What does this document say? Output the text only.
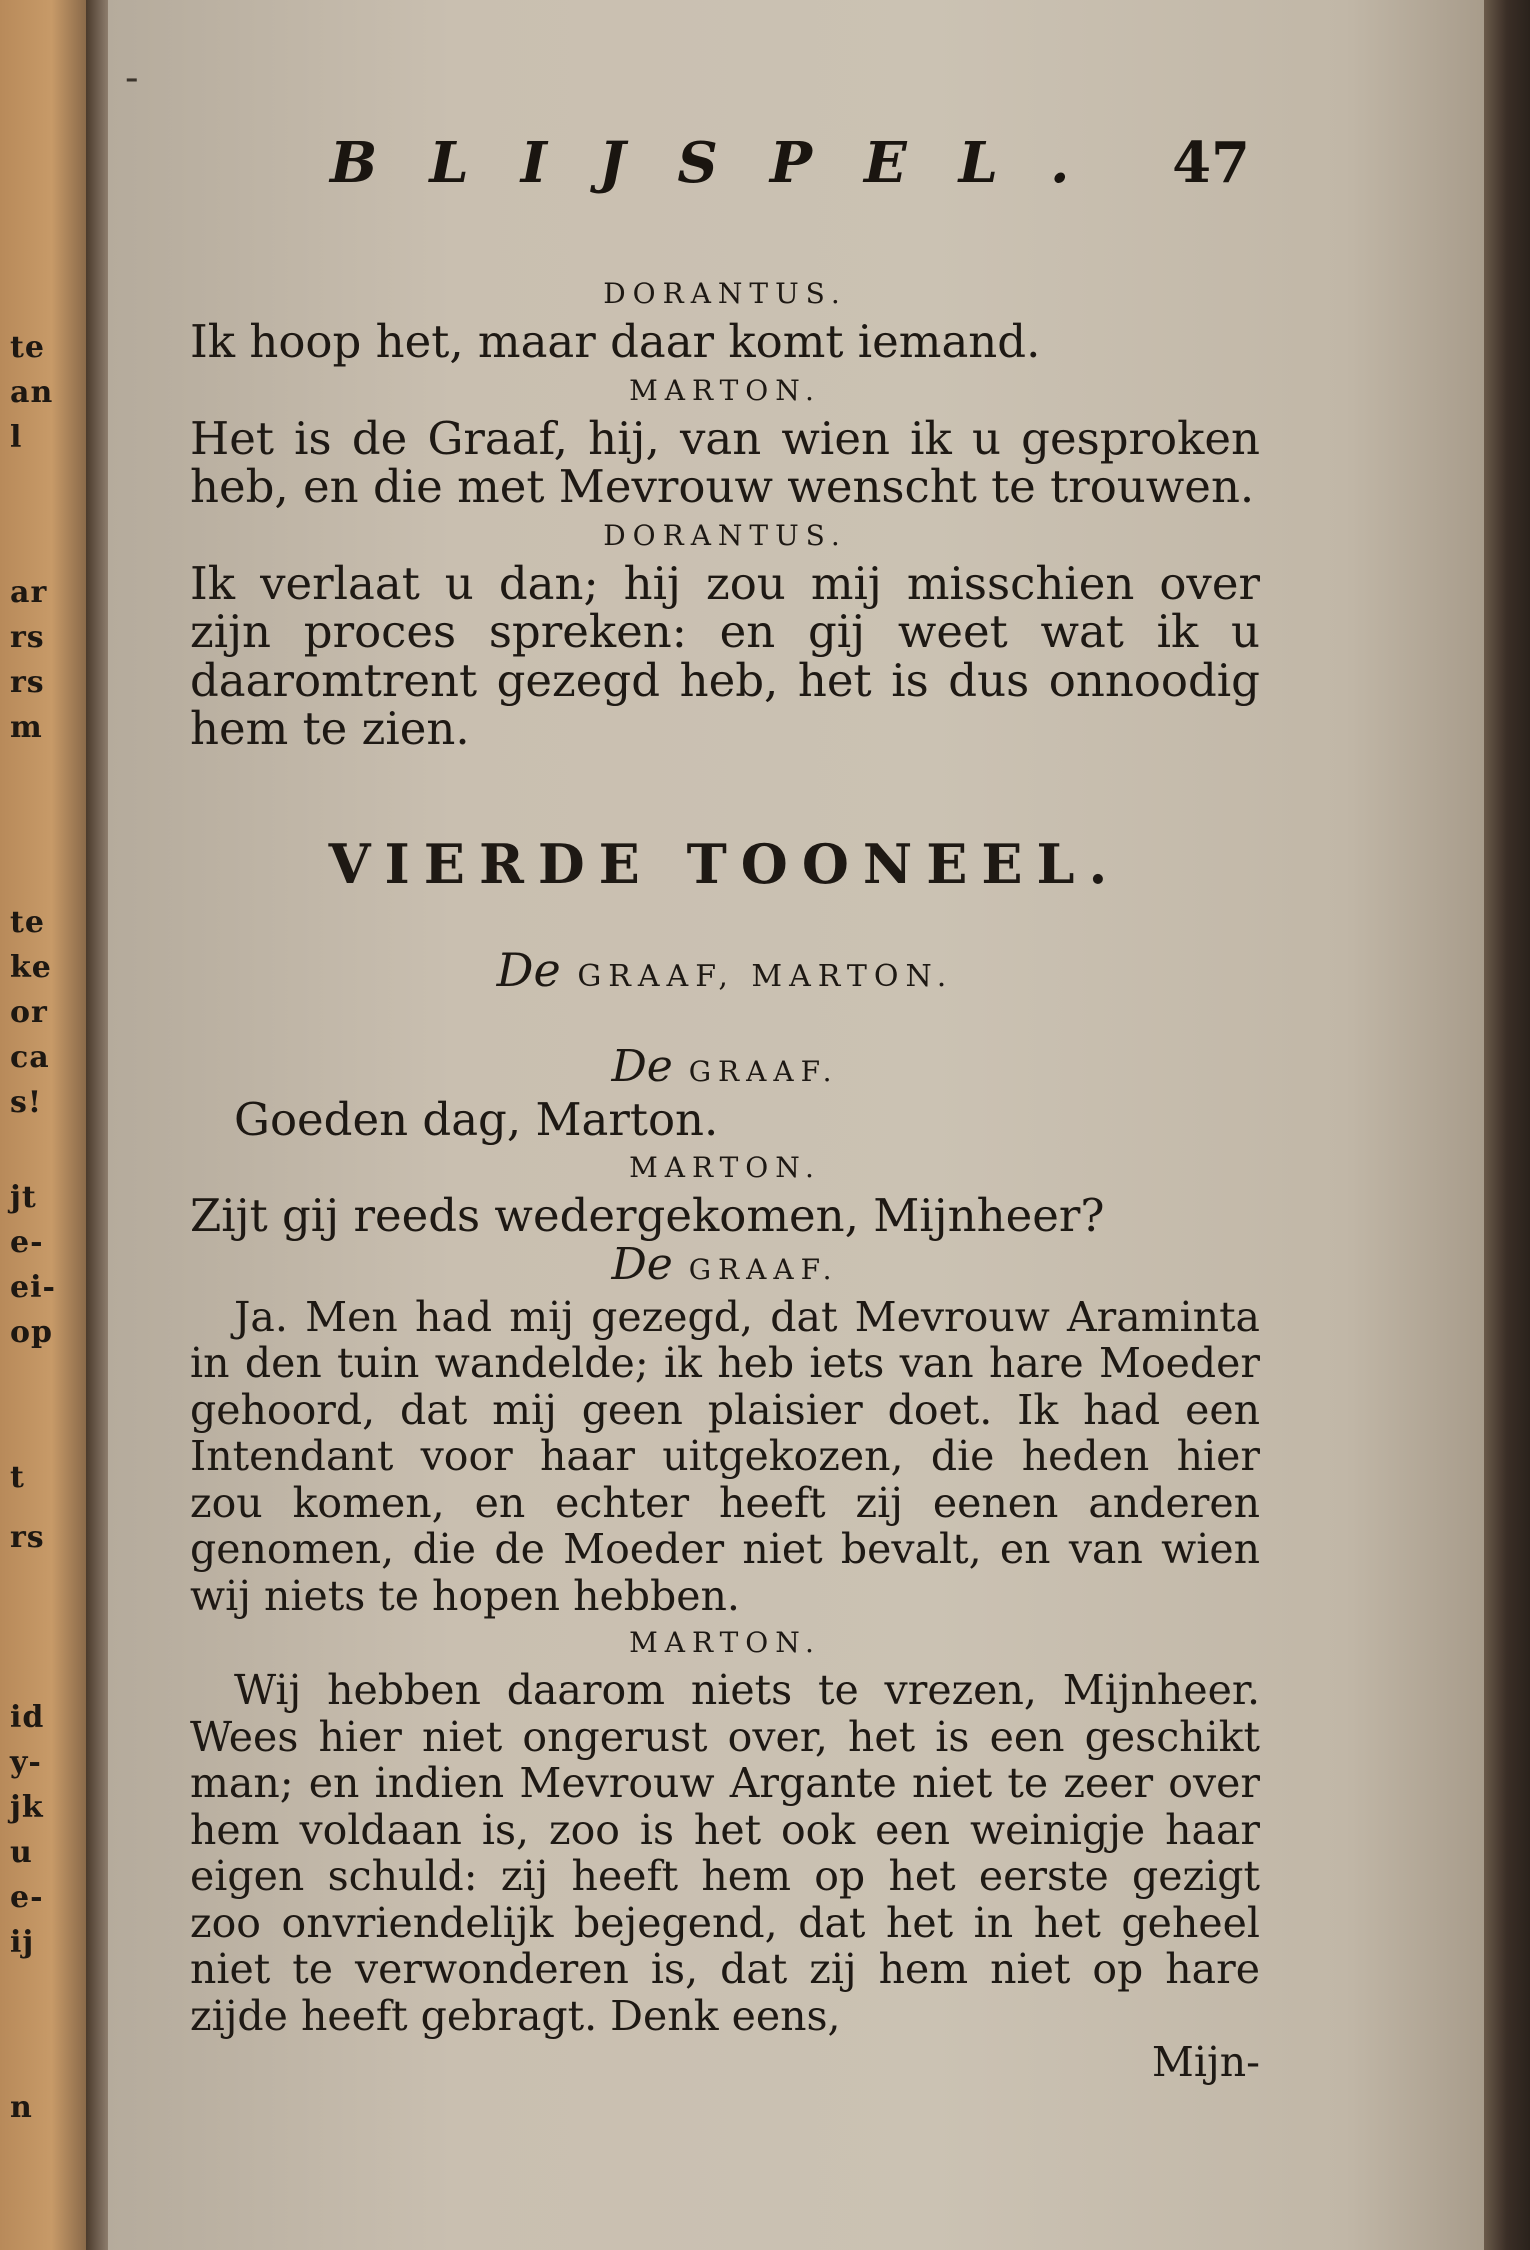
te
an
l
ar
rs
rs
m
te
ke
or
ca
s!
jt
e-
ei-
op
t
rs
id
y-
jk
u
e-
ij
n
-
BLIJSPEL. 47
DORANTUS.
Ik hoop het, maar daar komt iemand.
MARTON.
Het is de Graaf, hij, van wien ik u gesproken heb, en die met Mevrouw wenscht te trouwen.
DORANTUS.
Ik verlaat u dan; hij zou mij misschien over zijn proces spreken: en gij weet wat ik u daaromtrent gezegd heb, het is dus onnoodig hem te zien.
VIERDE TOONEEL.
De GRAAF, MARTON.
De GRAAF.
Goeden dag, Marton.
MARTON.
Zijt gij reeds wedergekomen, Mijnheer?
De GRAAF.
Ja. Men had mij gezegd, dat Mevrouw Araminta in den tuin wandelde; ik heb iets van hare Moeder gehoord, dat mij geen plaisier doet. Ik had een Intendant voor haar uitgekozen, die heden hier zou komen, en echter heeft zij eenen anderen genomen, die de Moeder niet bevalt, en van wien wij niets te hopen hebben.
MARTON.
Wij hebben daarom niets te vrezen, Mijnheer. Wees hier niet ongerust over, het is een geschikt man; en indien Mevrouw Argante niet te zeer over hem voldaan is, zoo is het ook een weinigje haar eigen schuld: zij heeft hem op het eerste gezigt zoo onvriendelijk bejegend, dat het in het geheel niet te verwonderen is, dat zij hem niet op hare zijde heeft gebragt. Denk eens,
Mijn-
